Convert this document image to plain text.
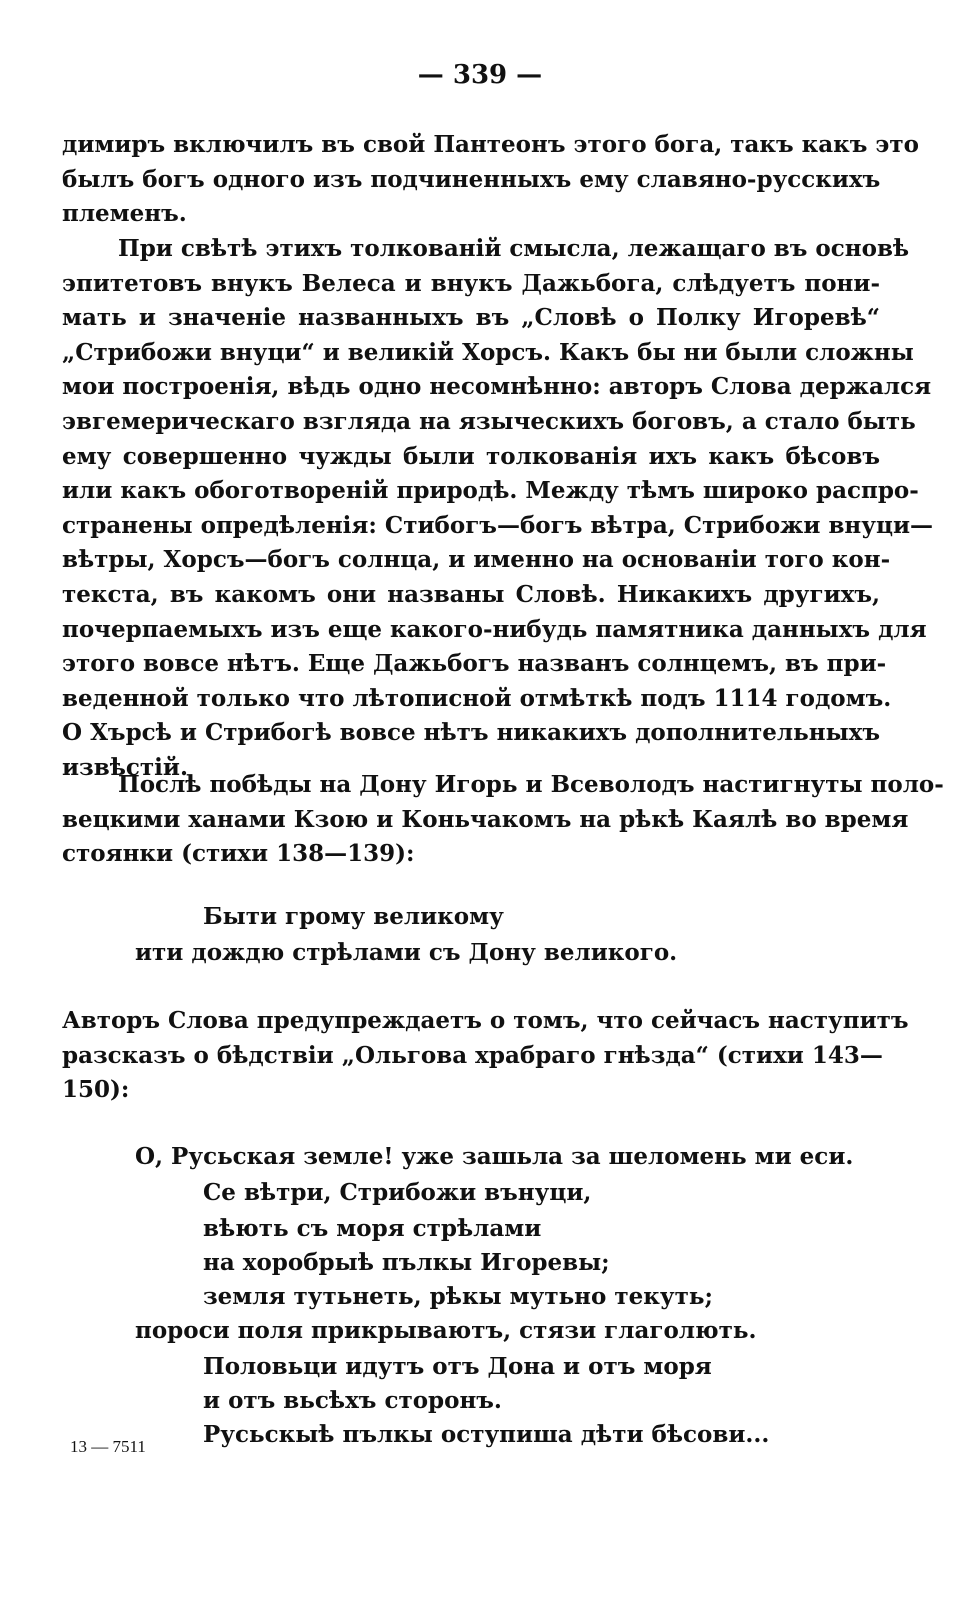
— 339 —
димиръ включилъ въ свой Пантеонъ этого бога, такъ какъ это
былъ богъ одного изъ подчиненныхъ ему славяно-русскихъ
племенъ.
При свѣтѣ этихъ толкованій смысла, лежащаго въ основѣ
эпитетовъ внукъ Велеса и внукъ Дажьбога, слѣдуетъ пони-
мать и значеніе названныхъ въ „Словѣ о Полку Игоревѣ“
„Стрибожи внуци“ и великій Хорсъ. Какъ бы ни были сложны
мои построенія, вѣдь одно несомнѣнно: авторъ Слова держался
эвгемерическаго взгляда на языческихъ боговъ, а стало быть
ему совершенно чужды были толкованія ихъ какъ бѣсовъ
или какъ обоготвореній природѣ. Между тѣмъ широко распро-
странены опредѣленія: Стибогъ—богъ вѣтра, Стрибожи внуци—
вѣтры, Хорсъ—богъ солнца, и именно на основаніи того кон-
текста, въ какомъ они названы Словѣ. Никакихъ другихъ,
почерпаемыхъ изъ еще какого-нибудь памятника данныхъ для
этого вовсе нѣтъ. Еще Дажьбогъ названъ солнцемъ, въ при-
веденной только что лѣтописной отмѣткѣ подъ 1114 годомъ.
О Хърсѣ и Стрибогѣ вовсе нѣтъ никакихъ дополнительныхъ
извѣстій.
Послѣ побѣды на Дону Игорь и Всеволодъ настигнуты поло-
вецкими ханами Кзою и Коньчакомъ на рѣкѣ Каялѣ во время
стоянки (стихи 138—139):
Быти грому великому
ити дождю стрѣлами съ Дону великого.
Авторъ Слова предупреждаетъ о томъ, что сейчасъ наступитъ
разсказъ о бѣдствіи „Ольгова храбраго гнѣзда“ (стихи 143—
150):
О, Русьская земле! уже зашьла за шеломень ми еси.
Се вѣтри, Стрибожи вънуци,
вѣють съ моря стрѣлами
на хоробрыѣ пълкы Игоревы;
земля тутьнеть, рѣкы мутьно текуть;
пороси поля прикрываютъ, стязи глаголють.
Половьци идутъ отъ Дона и отъ моря
и отъ вьсѣхъ сторонъ.
Русьскыѣ пълкы оступиша дѣти бѣсови...
13 — 7511
